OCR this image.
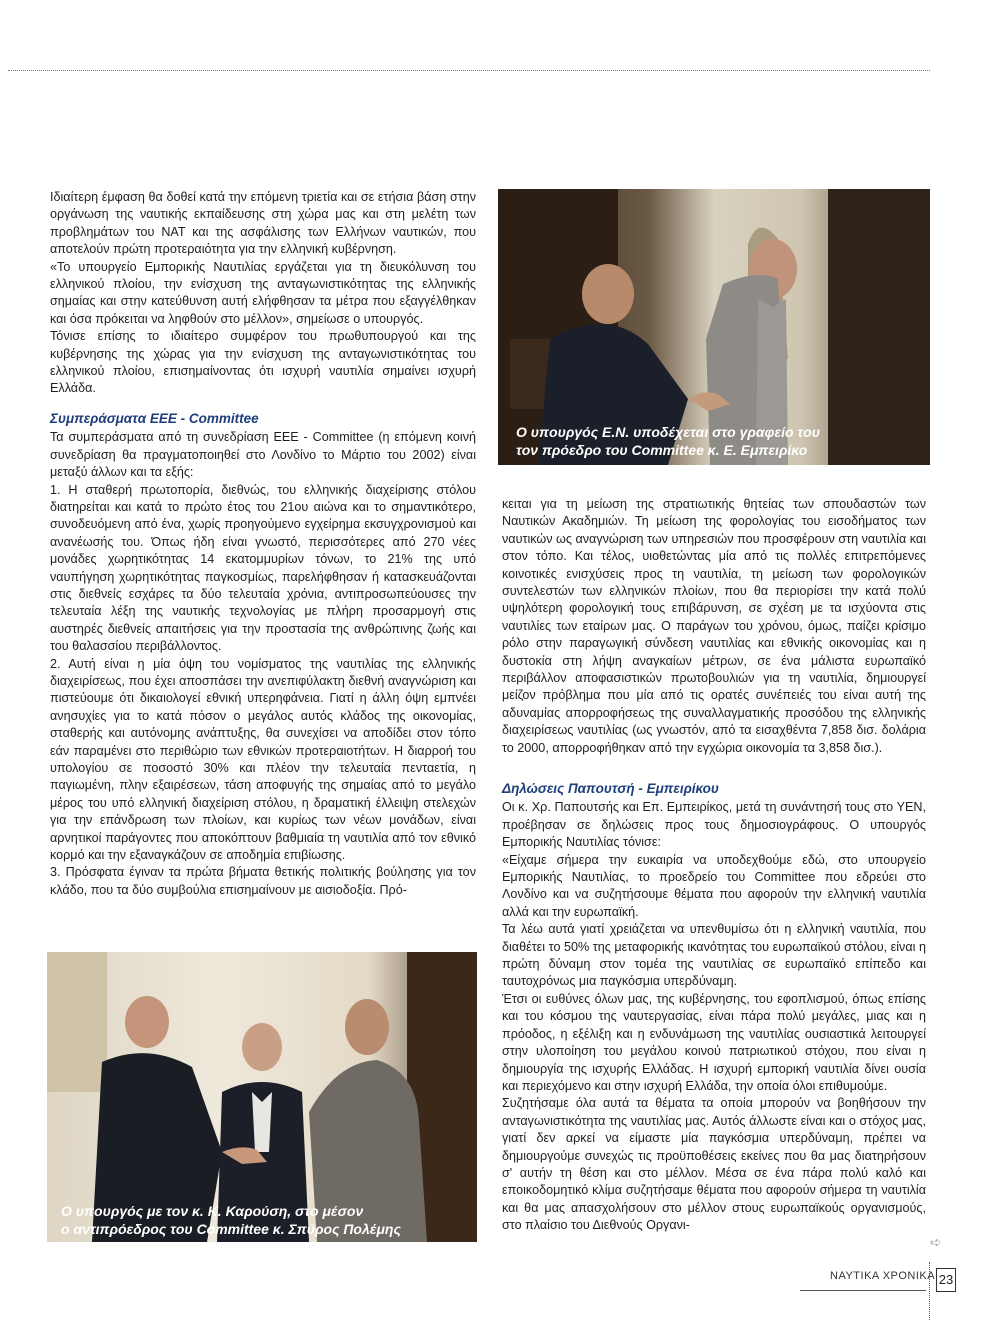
Ιδιαίτερη έμφαση θα δοθεί κατά την επόμενη τριετία και σε ετήσια βάση στην οργάνωση της ναυτικής εκπαίδευσης στη χώρα μας και στη μελέτη των προβλημάτων του ΝΑΤ και της ασφάλισης των Ελλήνων ναυτικών, που αποτελούν πρώτη προτεραιότητα για την ελληνική κυβέρνηση.

«Το υπουργείο Εμπορικής Ναυτιλίας εργάζεται για τη διευκόλυνση του ελληνικού πλοίου, την ενίσχυση της ανταγωνιστικότητας της ελληνικής σημαίας και στην κατεύθυνση αυτή ελήφθησαν τα μέτρα που εξαγγέλθηκαν και όσα πρόκειται να ληφθούν στο μέλλον», σημείωσε ο υπουργός.

Τόνισε επίσης το ιδιαίτερο συμφέρον του πρωθυπουργού και της κυβέρνησης της χώρας για την ενίσχυση της ανταγωνιστικότητας του ελληνικού πλοίου, επισημαίνοντας ότι ισχυρή ναυτιλία σημαίνει ισχυρή Ελλάδα.

Συμπεράσματα ΕΕΕ - Committee

Τα συμπεράσματα από τη συνεδρίαση ΕΕΕ - Committee (η επόμενη κοινή συνεδρίαση θα πραγματοποιηθεί στο Λονδίνο το Μάρτιο του 2002) είναι μεταξύ άλλων και τα εξής:

1. Η σταθερή πρωτοπορία, διεθνώς, του ελληνικής διαχείρισης στόλου διατηρείται και κατά το πρώτο έτος του 21ου αιώνα και το σημαντικότερο, συνοδευόμενη από ένα, χωρίς προηγούμενο εγχείρημα εκσυγχρονισμού και ανανέωσής του. Όπως ήδη είναι γνωστό, περισσότερες από 270 νέες μονάδες χωρητικότητας 14 εκατομμυρίων τόνων, το 21% της υπό ναυπήγηση χωρητικότητας παγκοσμίως, παρελήφθησαν ή κατασκευάζονται στις διεθνείς εσχάρες τα δύο τελευταία χρόνια, αντιπροσωπεύουσες την τελευταία λέξη της ναυτικής τεχνολογίας με πλήρη προσαρμογή στις αυστηρές διεθνείς απαιτήσεις για την προστασία της ανθρώπινης ζωής και του θαλασσίου περιβάλλοντος.

2. Αυτή είναι η μία όψη του νομίσματος της ναυτιλίας της ελληνικής διαχειρίσεως, που έχει αποσπάσει την ανεπιφύλακτη διεθνή αναγνώριση και πιστεύουμε ότι δικαιολογεί εθνική υπερηφάνεια. Γιατί η άλλη όψη εμπνέει ανησυχίες για το κατά πόσον ο μεγάλος αυτός κλάδος της οικονομίας, σταθερής και αυτόνομης ανάπτυξης, θα συνεχίσει να αποδίδει στον τόπο εάν παραμένει στο περιθώριο των εθνικών προτεραιοτήτων. Η διαρροή του υπολογίου σε ποσοστό 30% και πλέον την τελευταία πενταετία, η παγιωμένη, πλην εξαιρέσεων, τάση αποφυγής της σημαίας από το μεγάλο μέρος του υπό ελληνική διαχείριση στόλου, η δραματική έλλειψη στελεχών για την επάνδρωση των πλοίων, και κυρίως των νέων μονάδων, είναι αρνητικοί παράγοντες που αποκόπτουν βαθμιαία τη ναυτιλία από τον εθνικό κορμό και την εξαναγκάζουν σε αποδημία επιβίωσης.

3. Πρόσφατα έγιναν τα πρώτα βήματα θετικής πολιτικής βούλησης για τον κλάδο, που τα δύο συμβούλια επισημαίνουν με αισιοδοξία. Πρό-

Ο υπουργός Ε.Ν. υποδέχεται στο γραφείο του
τον πρόεδρο του Committee κ. Ε. Εμπειρίκο

κειται για τη μείωση της στρατιωτικής θητείας των σπουδαστών των Ναυτικών Ακαδημιών. Τη μείωση της φορολογίας του εισοδήματος των ναυτικών ως αναγνώριση των υπηρεσιών που προσφέρουν στη ναυτιλία και στον τόπο. Και τέλος, υιοθετώντας μία από τις πολλές επιτρεπόμενες κοινοτικές ενισχύσεις προς τη ναυτιλία, τη μείωση των φορολογικών συντελεστών των ελληνικών πλοίων, που θα περιορίσει την κατά πολύ υψηλότερη φορολογική τους επιβάρυνση, σε σχέση με τα ισχύοντα στις ναυτιλίες των εταίρων μας. Ο παράγων του χρόνου, όμως, παίζει κρίσιμο ρόλο στην παραγωγική σύνδεση ναυτιλίας και εθνικής οικονομίας και η δυστοκία στη λήψη αναγκαίων μέτρων, σε ένα μάλιστα ευρωπαϊκό περιβάλλον αποφασιστικών πρωτοβουλιών για τη ναυτιλία, δημιουργεί μείζον πρόβλημα που μία από τις ορατές συνέπειές του είναι αυτή της αδυναμίας απορροφήσεως της συναλλαγματικής προσόδου της ελληνικής διαχειρίσεως ναυτιλίας (ως γνωστόν, από τα εισαχθέντα 7,858 δισ. δολάρια το 2000, απορροφήθηκαν από την εγχώρια οικονομία τα 3,858 δισ.).

Δηλώσεις Παπουτσή - Εμπειρίκου

Οι κ. Χρ. Παπουτσής και Επ. Εμπειρίκος, μετά τη συνάντησή τους στο ΥΕΝ, προέβησαν σε δηλώσεις προς τους δημοσιογράφους. Ο υπουργός Εμπορικής Ναυτιλίας τόνισε:

«Είχαμε σήμερα την ευκαιρία να υποδεχθούμε εδώ, στο υπουργείο Εμπορικής Ναυτιλίας, το προεδρείο του Committee που εδρεύει στο Λονδίνο και να συζητήσουμε θέματα που αφορούν την ελληνική ναυτιλία αλλά και την ευρωπαϊκή.

Τα λέω αυτά γιατί χρειάζεται να υπενθυμίσω ότι η ελληνική ναυτιλία, που διαθέτει το 50% της μεταφορικής ικανότητας του ευρωπαϊκού στόλου, είναι η πρώτη δύναμη στον τομέα της ναυτιλίας σε ευρωπαϊκό επίπεδο και ταυτοχρόνως μια παγκόσμια υπερδύναμη.

Έτσι οι ευθύνες όλων μας, της κυβέρνησης, του εφοπλισμού, όπως επίσης και του κόσμου της ναυτεργασίας, είναι πάρα πολύ μεγάλες, μιας και η πρόοδος, η εξέλιξη και η ενδυνάμωση της ναυτιλίας ουσιαστικά λειτουργεί στην υλοποίηση του μεγάλου κοινού πατριωτικού στόχου, που είναι η δημιουργία της ισχυρής Ελλάδας. Η ισχυρή εμπορική ναυτιλία δίνει ουσία και περιεχόμενο και στην ισχυρή Ελλάδα, την οποία όλοι επιθυμούμε.

Συζητήσαμε όλα αυτά τα θέματα τα οποία μπορούν να βοηθήσουν την ανταγωνιστικότητα της ναυτιλίας μας. Αυτός άλλωστε είναι και ο στόχος μας, γιατί δεν αρκεί να είμαστε μία παγκόσμια υπερδύναμη, πρέπει να δημιουργούμε συνεχώς τις προϋποθέσεις εκείνες που θα μας διατηρήσουν σ' αυτήν τη θέση και στο μέλλον. Μέσα σε ένα πάρα πολύ καλό και εποικοδομητικό κλίμα συζητήσαμε θέματα που αφορούν σήμερα τη ναυτιλία και θα μας απασχολήσουν στο μέλλον στους ευρωπαϊκούς οργανισμούς, στο πλαίσιο του Διεθνούς Οργανι-

Ο υπουργός με τον κ. Κ. Καρούση, στο μέσον
ο αντιπρόεδρος του Committee κ. Σπύρος Πολέμης
➪
ΝΑΥΤΙΚΑ ΧΡΟΝΙΚΑ 23
